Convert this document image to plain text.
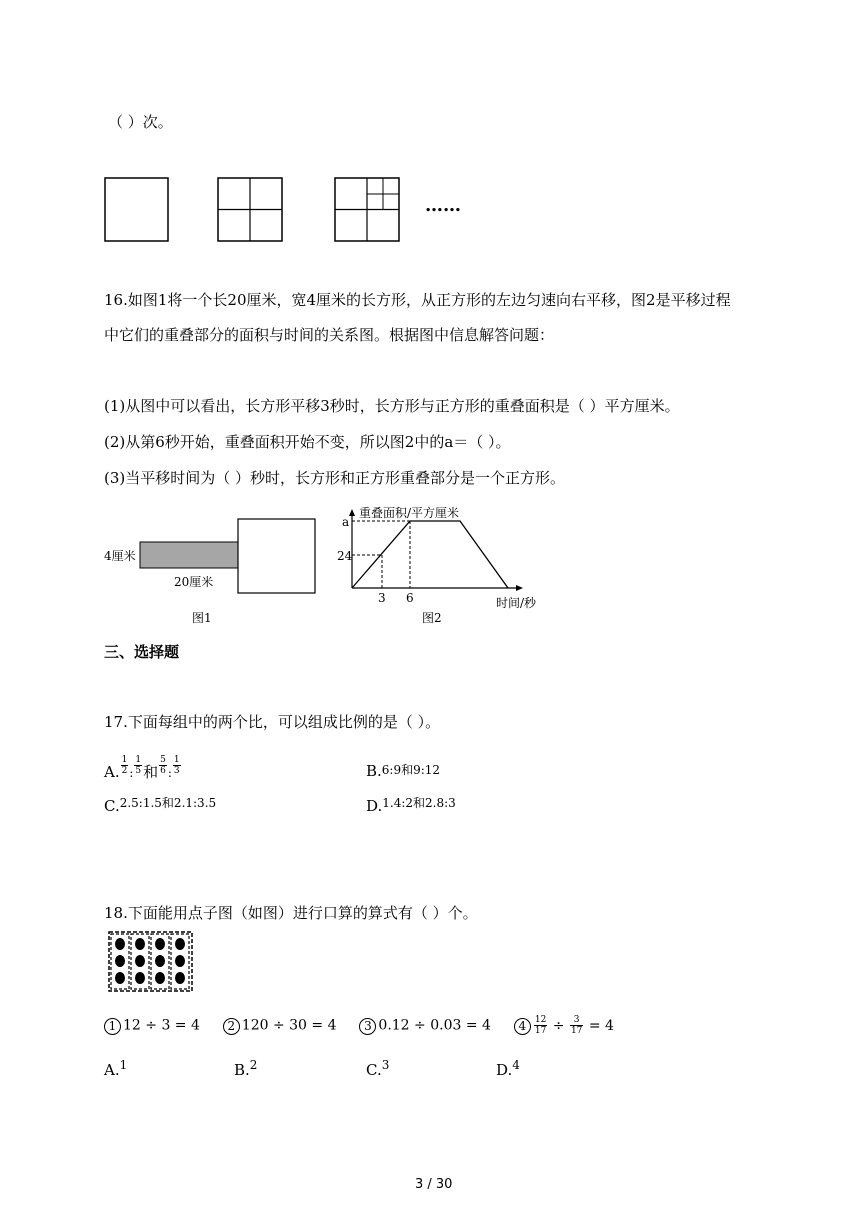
（ ）次。
……
16.如图1将一个长20厘米，宽4厘米的长方形，从正方形的左边匀速向右平移，图2是平移过程
中它们的重叠部分的面积与时间的关系图。根据图中信息解答问题：
(1)从图中可以看出，长方形平移3秒时，长方形与正方形的重叠面积是（ ）平方厘米。
(2)从第6秒开始，重叠面积开始不变，所以图2中的a＝（ ）。
(3)当平移时间为（ ）秒时，长方形和正方形重叠部分是一个正方形。
4厘米
20厘米
图1
重叠面积/平方厘米
a
24
3 6	时间/秒
图2
三、选择题
17.下面每组中的两个比，可以组成比例的是（ ）。
A. $\frac{1}{2}$ : $\frac{1}{5}$ 和 $\frac{5}{6}$ : $\frac{1}{3}$	B.6:9和9:12
C.$^{2.5:1.5和2.1:3.5}$	D.$^{1.4:2和2.8:3}$
18.下面能用点子图（如图）进行口算的算式有（ ）个。
1 12 ÷ 3 = 4 2 120 ÷ 30 = 4 3 0.12 ÷ 0.03 = 4 $4 \frac{12}{17} \div \frac{3}{17} = 4$
A.$^1$	B.$^2$	C.$^3$	D.$^4$
3 / 30
